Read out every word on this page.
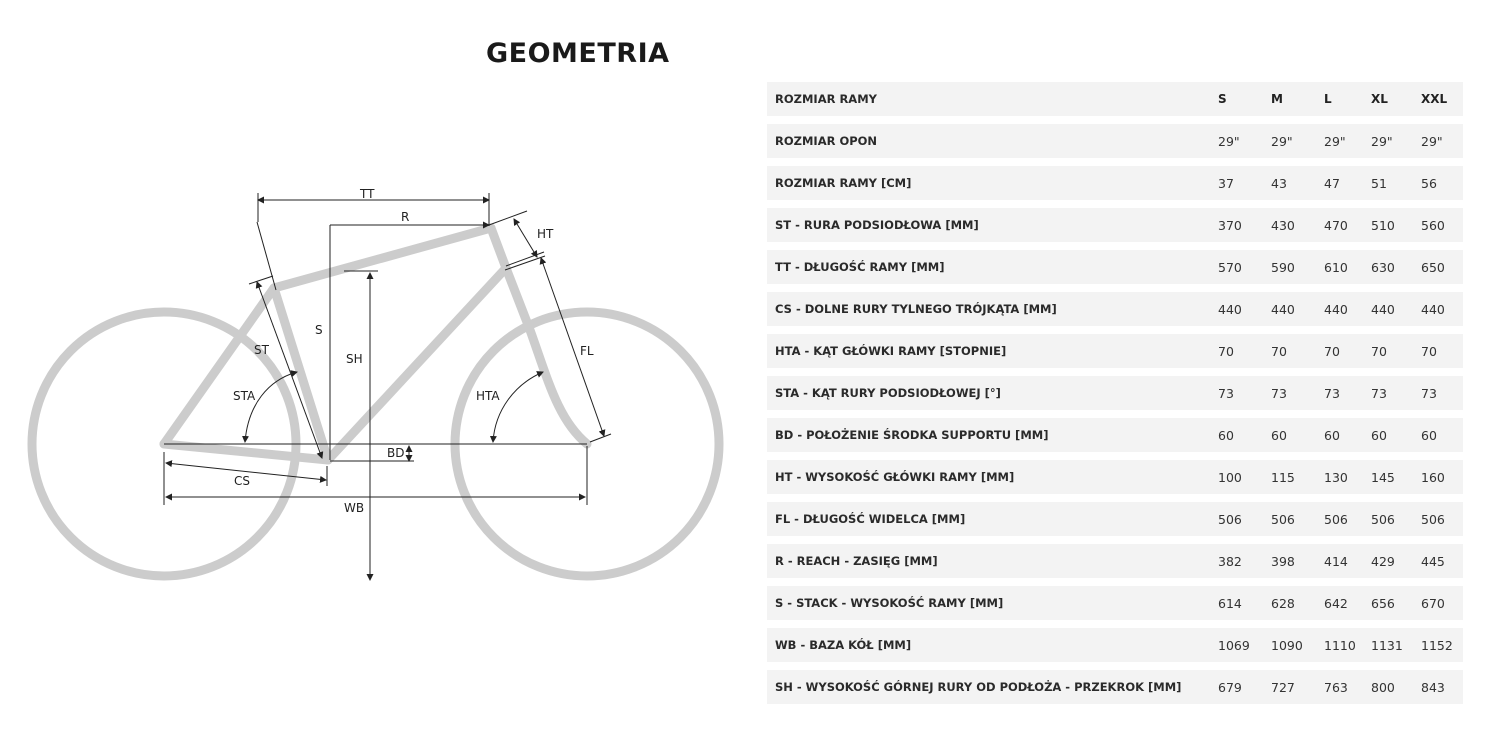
GEOMETRIA
TT
R
HT
S
ST
SH
FL
STA	HTA
BD
CS
WB
ROZMIAR RAMY	S	M	L	XL	XXL
ROZMIAR OPON	29"	29"	29" 29" 29"
ROZMIAR RAMY [CM]	37	43	47 51	56
ST - RURA PODSIODŁOWA [MM]	370 430 470 510 560
TT - DŁUGOŚĆ RAMY [MM]	570 590 610 630 650
CS - DOLNE RURY TYLNEGO TRÓJKĄTA [MM]	440 440 440 440 440
HTA - KĄT GŁÓWKI RAMY [STOPNIE]	70	70	70 70	70
STA - KĄT RURY PODSIODŁOWEJ [°]	73	73	73 73	73
BD - POŁOŻENIE ŚRODKA SUPPORTU [MM]	60	60	60 60	60
HT - WYSOKOŚĆ GŁÓWKI RAMY [MM]	100 115 130 145 160
FL - DŁUGOŚĆ WIDELCA [MM]	506 506 506 506 506
R - REACH - ZASIĘG [MM]	382 398 414 429 445
S - STACK - WYSOKOŚĆ RAMY [MM]	614 628 642 656 670
WB - BAZA KÓŁ [MM]	1069 1090 1110 1131 1152
SH - WYSOKOŚĆ GÓRNEJ RURY OD PODŁOŻA - PRZEKROK [MM]	679 727 763 800 843
